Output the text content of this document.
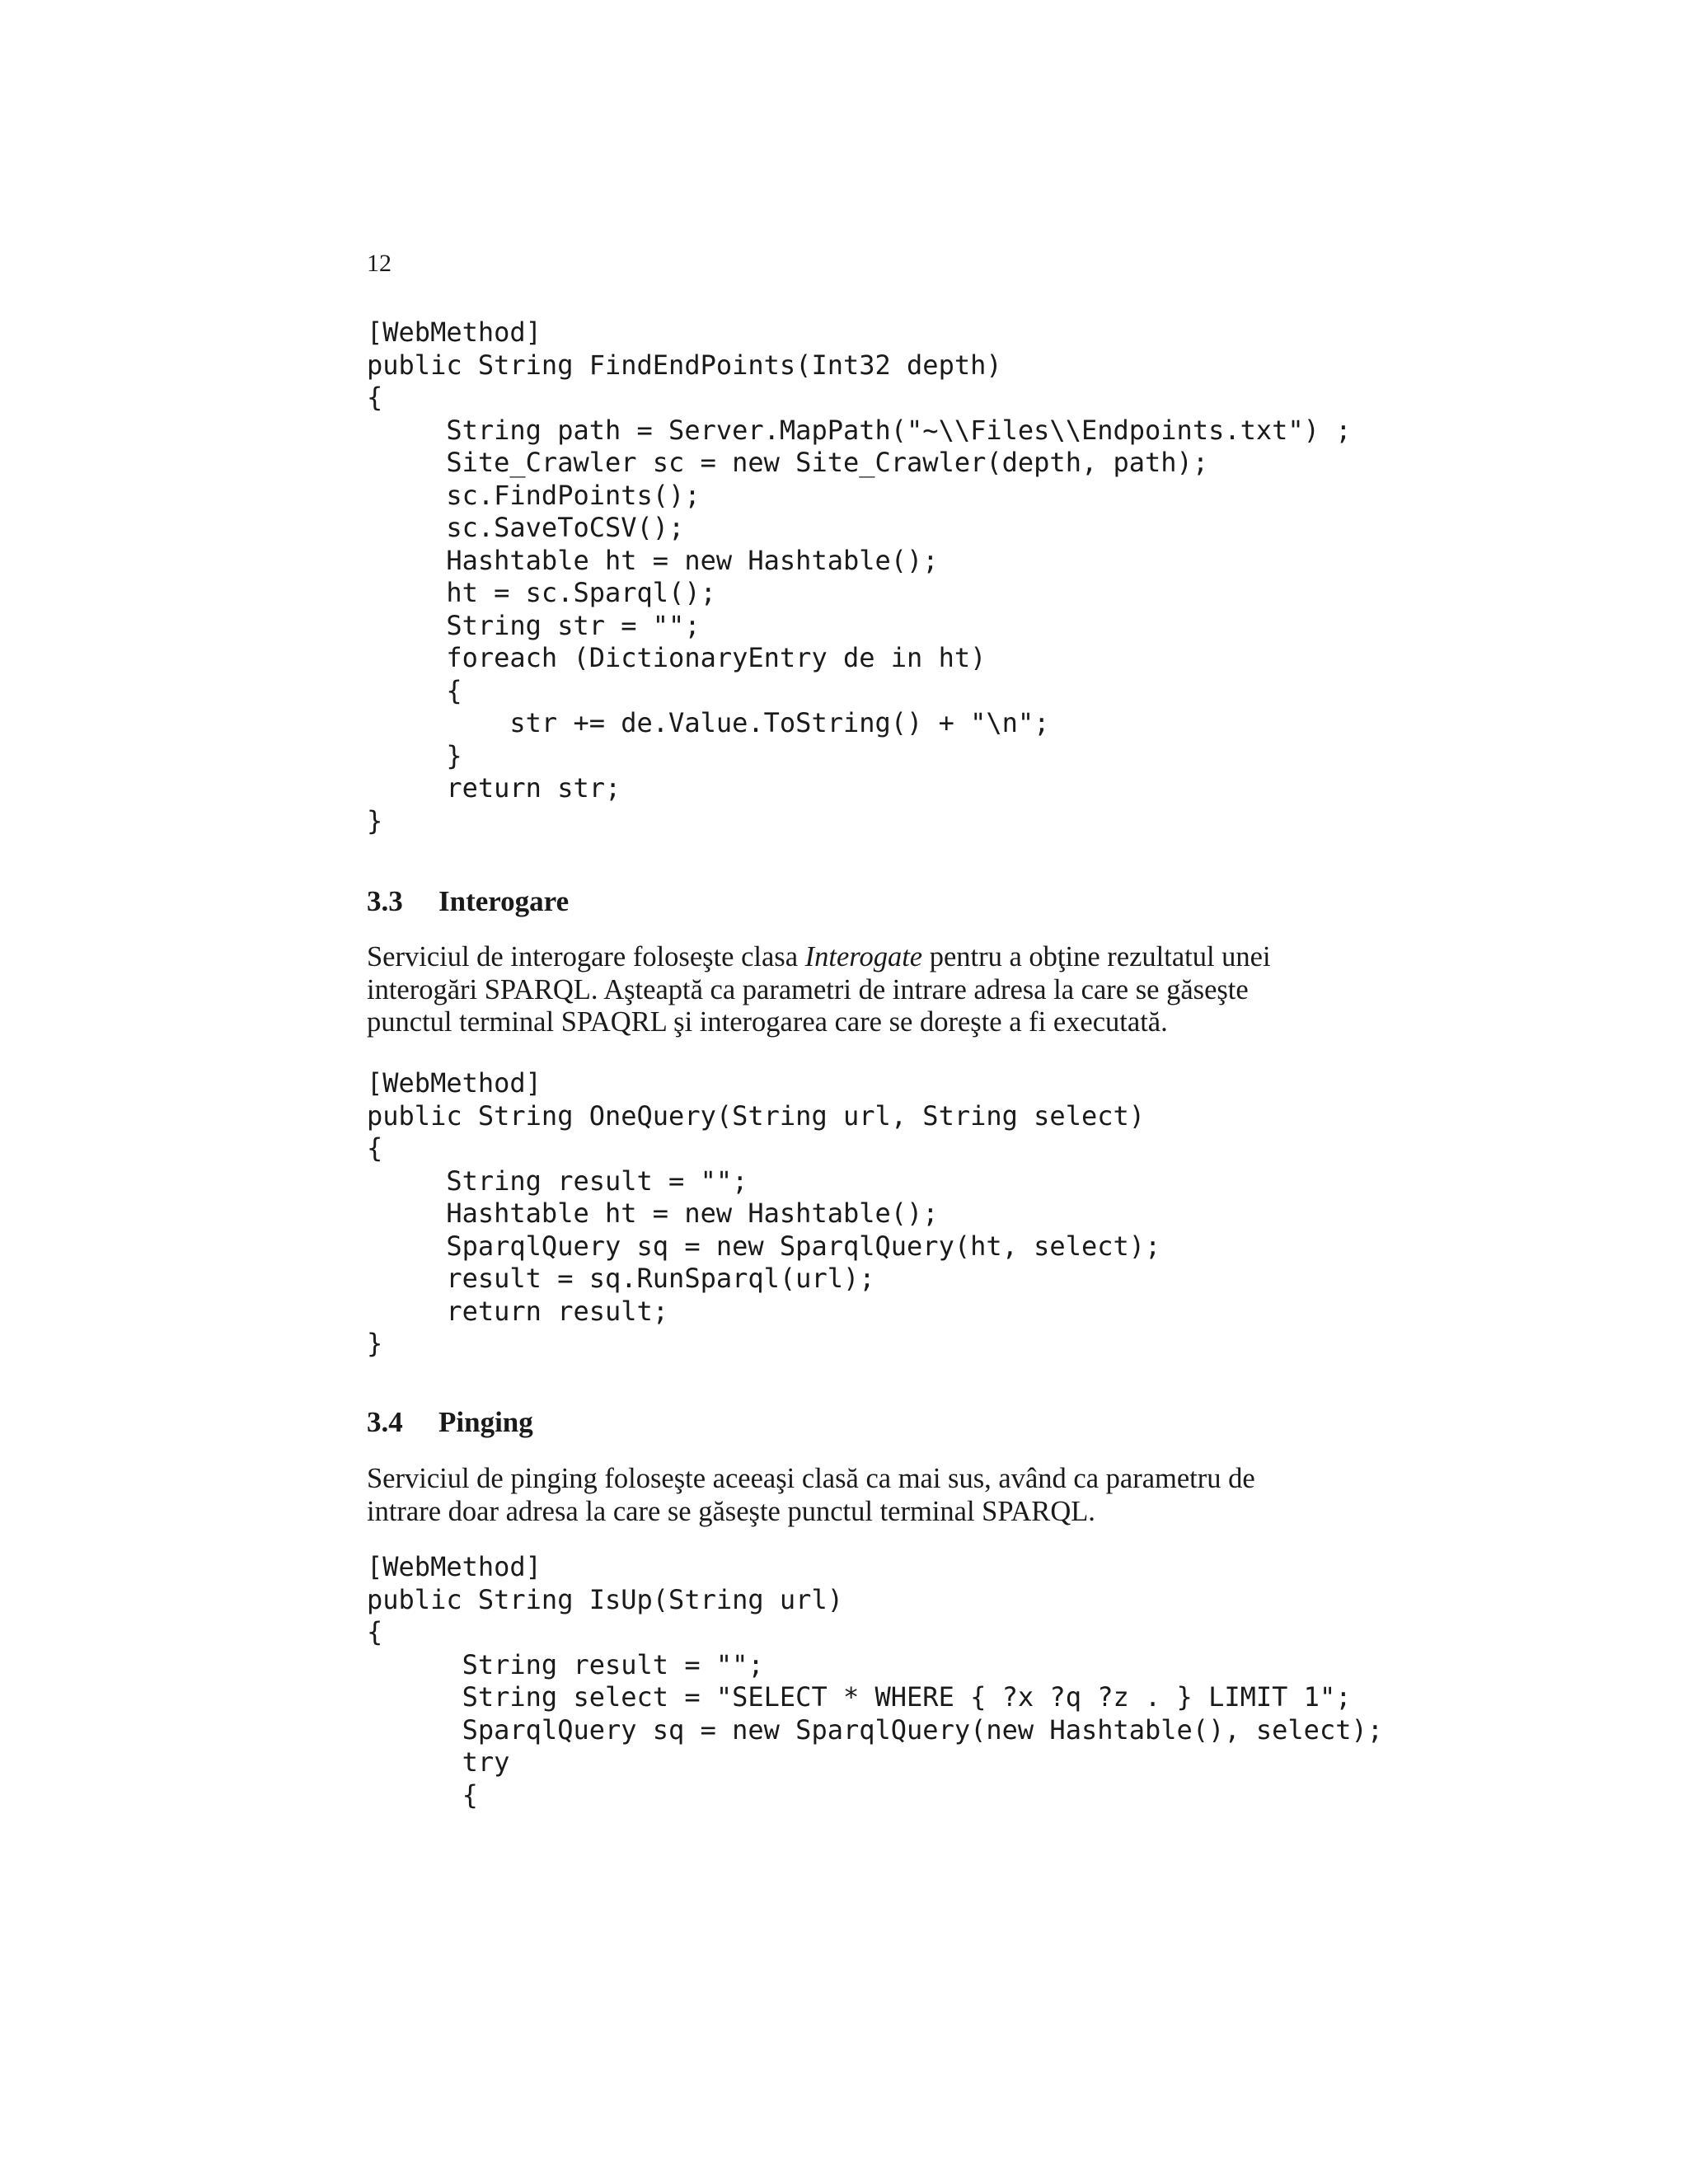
12
[WebMethod]
public String FindEndPoints(Int32 depth)
{
String path = Server.MapPath("~\\Files\\Endpoints.txt") ;
Site_Crawler sc = new Site_Crawler(depth, path);
sc.FindPoints();
sc.SaveToCSV();
Hashtable ht = new Hashtable();
ht = sc.Sparql();
String str = "";
foreach (DictionaryEntry de in ht)
{
str += de.Value.ToString() + "\n";
}
return str;
}
3.3 Interogare

Serviciul de interogare foloseşte clasa Interogate pentru a obţine rezultatul unei
interogări SPARQL. Aşteaptă ca parametri de intrare adresa la care se găseşte
punctul terminal SPAQRL şi interogarea care se doreşte a fi executată.

[WebMethod]
public String OneQuery(String url, String select)
{
String result = "";
Hashtable ht = new Hashtable();
SparqlQuery sq = new SparqlQuery(ht, select);
result = sq.RunSparql(url);
return result;
}
3.4 Pinging

Serviciul de pinging foloseşte aceeaşi clasă ca mai sus, având ca parametru de
intrare doar adresa la care se găseşte punctul terminal SPARQL.

[WebMethod]
public String IsUp(String url)
{
String result = "";
String select = "SELECT * WHERE { ?x ?q ?z . } LIMIT 1";
SparqlQuery sq = new SparqlQuery(new Hashtable(), select);
try
{
